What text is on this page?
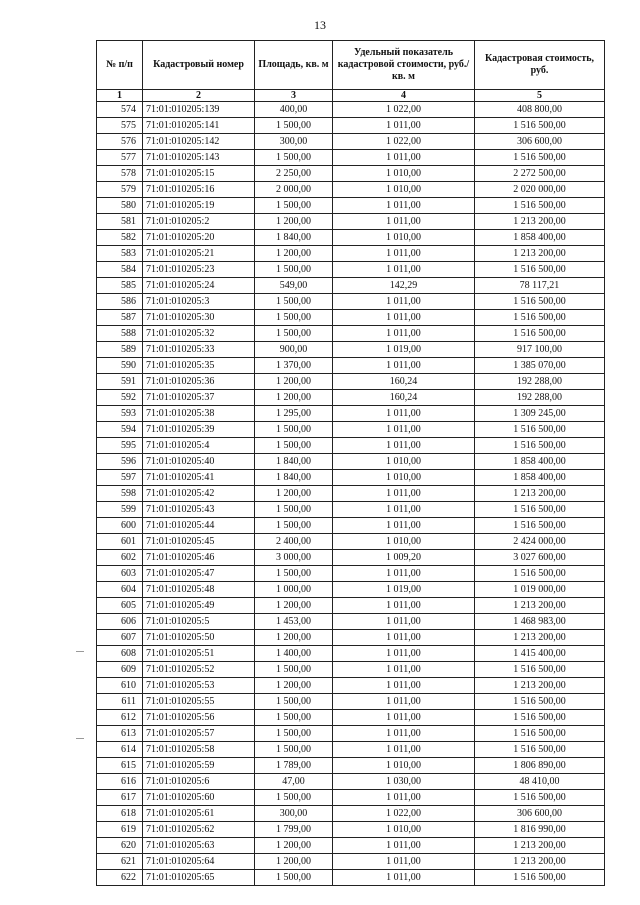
13
№ п/п	Кадастровый номер	Площадь, кв. м	Удельный показатель кадастровой стоимости, руб./кв. м	Кадастровая стоимость, руб.
1	2	3	4	5
574	71:01:010205:139	400,00	1 022,00	408 800,00
575	71:01:010205:141	1 500,00	1 011,00	1 516 500,00
576	71:01:010205:142	300,00	1 022,00	306 600,00
577	71:01:010205:143	1 500,00	1 011,00	1 516 500,00
578	71:01:010205:15	2 250,00	1 010,00	2 272 500,00
579	71:01:010205:16	2 000,00	1 010,00	2 020 000,00
580	71:01:010205:19	1 500,00	1 011,00	1 516 500,00
581	71:01:010205:2	1 200,00	1 011,00	1 213 200,00
582	71:01:010205:20	1 840,00	1 010,00	1 858 400,00
583	71:01:010205:21	1 200,00	1 011,00	1 213 200,00
584	71:01:010205:23	1 500,00	1 011,00	1 516 500,00
585	71:01:010205:24	549,00	142,29	78 117,21
586	71:01:010205:3	1 500,00	1 011,00	1 516 500,00
587	71:01:010205:30	1 500,00	1 011,00	1 516 500,00
588	71:01:010205:32	1 500,00	1 011,00	1 516 500,00
589	71:01:010205:33	900,00	1 019,00	917 100,00
590	71:01:010205:35	1 370,00	1 011,00	1 385 070,00
591	71:01:010205:36	1 200,00	160,24	192 288,00
592	71:01:010205:37	1 200,00	160,24	192 288,00
593	71:01:010205:38	1 295,00	1 011,00	1 309 245,00
594	71:01:010205:39	1 500,00	1 011,00	1 516 500,00
595	71:01:010205:4	1 500,00	1 011,00	1 516 500,00
596	71:01:010205:40	1 840,00	1 010,00	1 858 400,00
597	71:01:010205:41	1 840,00	1 010,00	1 858 400,00
598	71:01:010205:42	1 200,00	1 011,00	1 213 200,00
599	71:01:010205:43	1 500,00	1 011,00	1 516 500,00
600	71:01:010205:44	1 500,00	1 011,00	1 516 500,00
601	71:01:010205:45	2 400,00	1 010,00	2 424 000,00
602	71:01:010205:46	3 000,00	1 009,20	3 027 600,00
603	71:01:010205:47	1 500,00	1 011,00	1 516 500,00
604	71:01:010205:48	1 000,00	1 019,00	1 019 000,00
605	71:01:010205:49	1 200,00	1 011,00	1 213 200,00
606	71:01:010205:5	1 453,00	1 011,00	1 468 983,00
607	71:01:010205:50	1 200,00	1 011,00	1 213 200,00
608	71:01:010205:51	1 400,00	1 011,00	1 415 400,00
609	71:01:010205:52	1 500,00	1 011,00	1 516 500,00
610	71:01:010205:53	1 200,00	1 011,00	1 213 200,00
611	71:01:010205:55	1 500,00	1 011,00	1 516 500,00
612	71:01:010205:56	1 500,00	1 011,00	1 516 500,00
613	71:01:010205:57	1 500,00	1 011,00	1 516 500,00
614	71:01:010205:58	1 500,00	1 011,00	1 516 500,00
615	71:01:010205:59	1 789,00	1 010,00	1 806 890,00
616	71:01:010205:6	47,00	1 030,00	48 410,00
617	71:01:010205:60	1 500,00	1 011,00	1 516 500,00
618	71:01:010205:61	300,00	1 022,00	306 600,00
619	71:01:010205:62	1 799,00	1 010,00	1 816 990,00
620	71:01:010205:63	1 200,00	1 011,00	1 213 200,00
621	71:01:010205:64	1 200,00	1 011,00	1 213 200,00
622	71:01:010205:65	1 500,00	1 011,00	1 516 500,00
